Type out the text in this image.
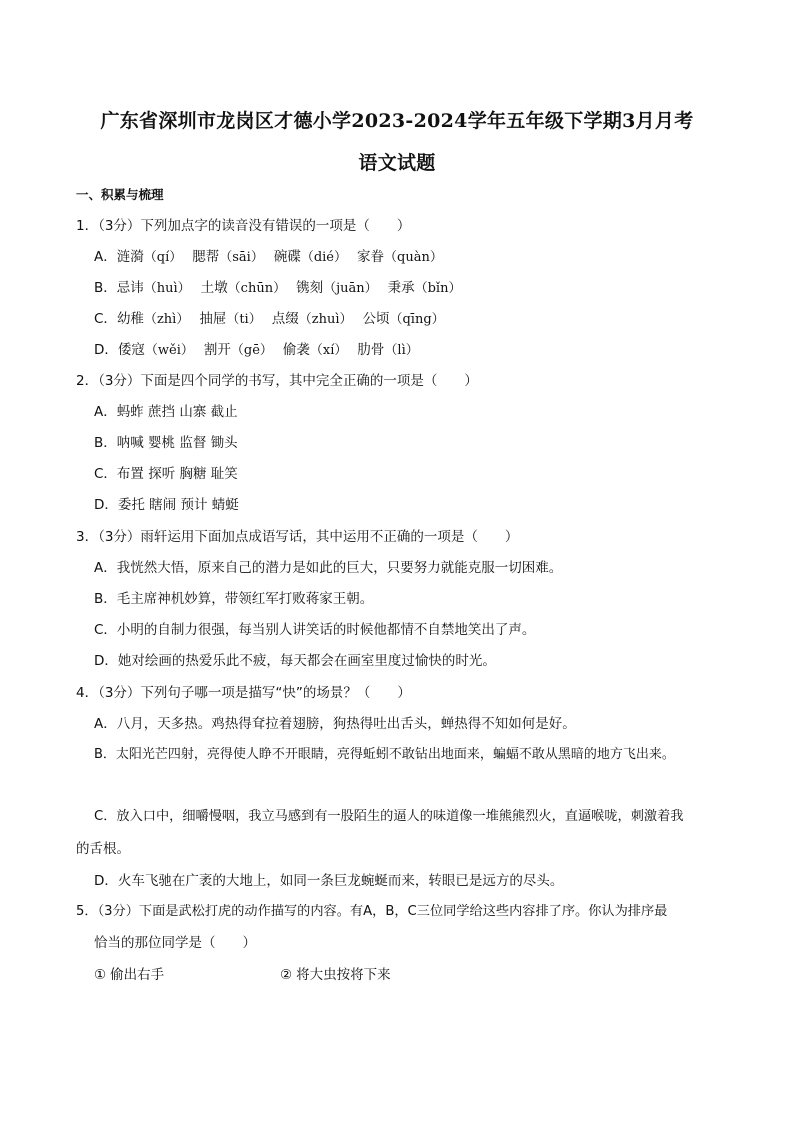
广东省深圳市龙岗区才德小学2023-2024学年五年级下学期3月月考
语文试题
一、积累与梳理
1．（3分）下列加点字的读音没有错误的一项是（　　）
A．涟漪（qí） 腮帮（sāi） 碗碟（dié） 家眷（quàn）
B．忌讳（huì） 土墩（chūn） 镌刻（juān） 秉承（bǐn）
C．幼稚（zhì） 抽屉（ti） 点缀（zhuì） 公顷（qīng）
D．倭寇（wěi） 割开（gē） 偷袭（xí） 肋骨（lì）
2．（3分）下面是四个同学的书写，其中完全正确的一项是（　　）
A．蚂蚱 蔗挡 山寨 截止
B．呐喊 婴桃 监督 锄头
C．布置 探听 胸糖 耻笑
D．委托 瞎闹 预计 蜻蜓
3．（3分）雨轩运用下面加点成语写话，其中运用不正确的一项是（　　）
A．我恍然大悟，原来自己的潜力是如此的巨大，只要努力就能克服一切困难。
B．毛主席神机妙算，带领红军打败蒋家王朝。
C．小明的自制力很强，每当别人讲笑话的时候他都情不自禁地笑出了声。
D．她对绘画的热爱乐此不疲，每天都会在画室里度过愉快的时光。
4．（3分）下列句子哪一项是描写“快”的场景？（　　）
A．八月，天多热。鸡热得耷拉着翅膀，狗热得吐出舌头，蝉热得不知如何是好。
B．太阳光芒四射，亮得使人睁不开眼睛，亮得蚯蚓不敢钻出地面来，蝙蝠不敢从黑暗的地方飞出来。
C．放入口中，细嚼慢咽，我立马感到有一股陌生的逼人的味道像一堆熊熊烈火，直逼喉咙，刺激着我
的舌根。
D．火车飞驰在广袤的大地上，如同一条巨龙蜿蜒而来，转眼已是远方的尽头。
5．（3分）下面是武松打虎的动作描写的内容。有A，B，C三位同学给这些内容排了序。你认为排序最
恰当的那位同学是（　　）
① 偷出右手	② 将大虫按将下来
